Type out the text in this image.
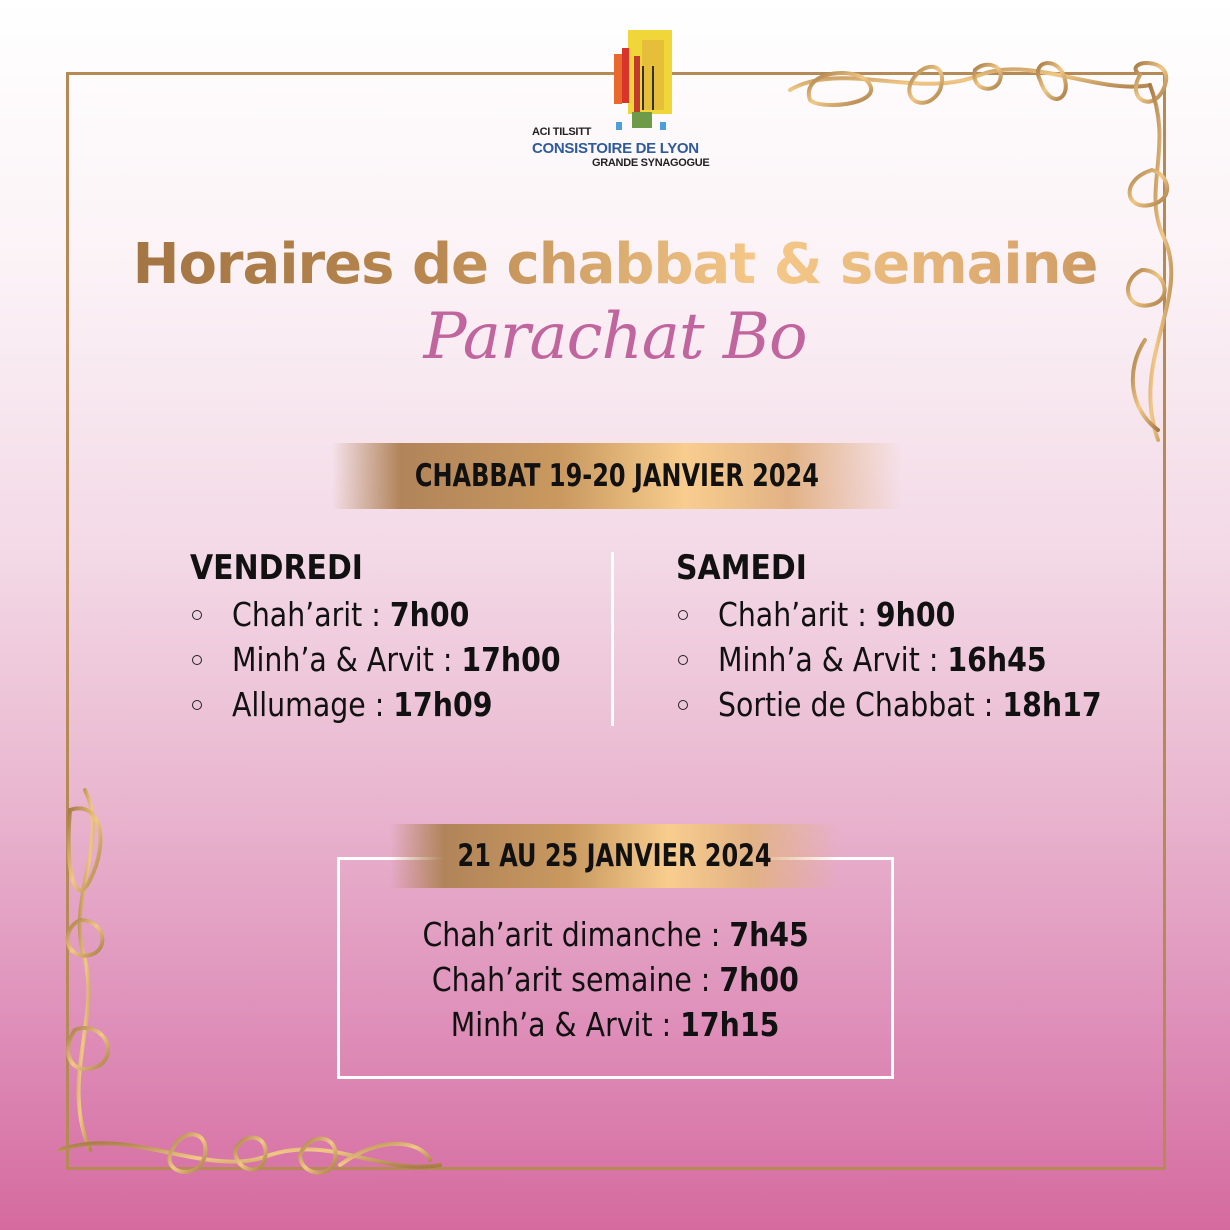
ACI TILSITT
CONSISTOIRE DE LYON
GRANDE SYNAGOGUE
Horaires de chabbat & semaine
Parachat Bo
CHABBAT 19-20 JANVIER 2024
VENDREDI
Chah’arit : 7h00
Minh’a & Arvit : 17h00
Allumage : 17h09
SAMEDI
Chah’arit : 9h00
Minh’a & Arvit : 16h45
Sortie de Chabbat : 18h17
21 AU 25 JANVIER 2024
Chah’arit dimanche : 7h45
Chah’arit semaine : 7h00
Minh’a & Arvit : 17h15
